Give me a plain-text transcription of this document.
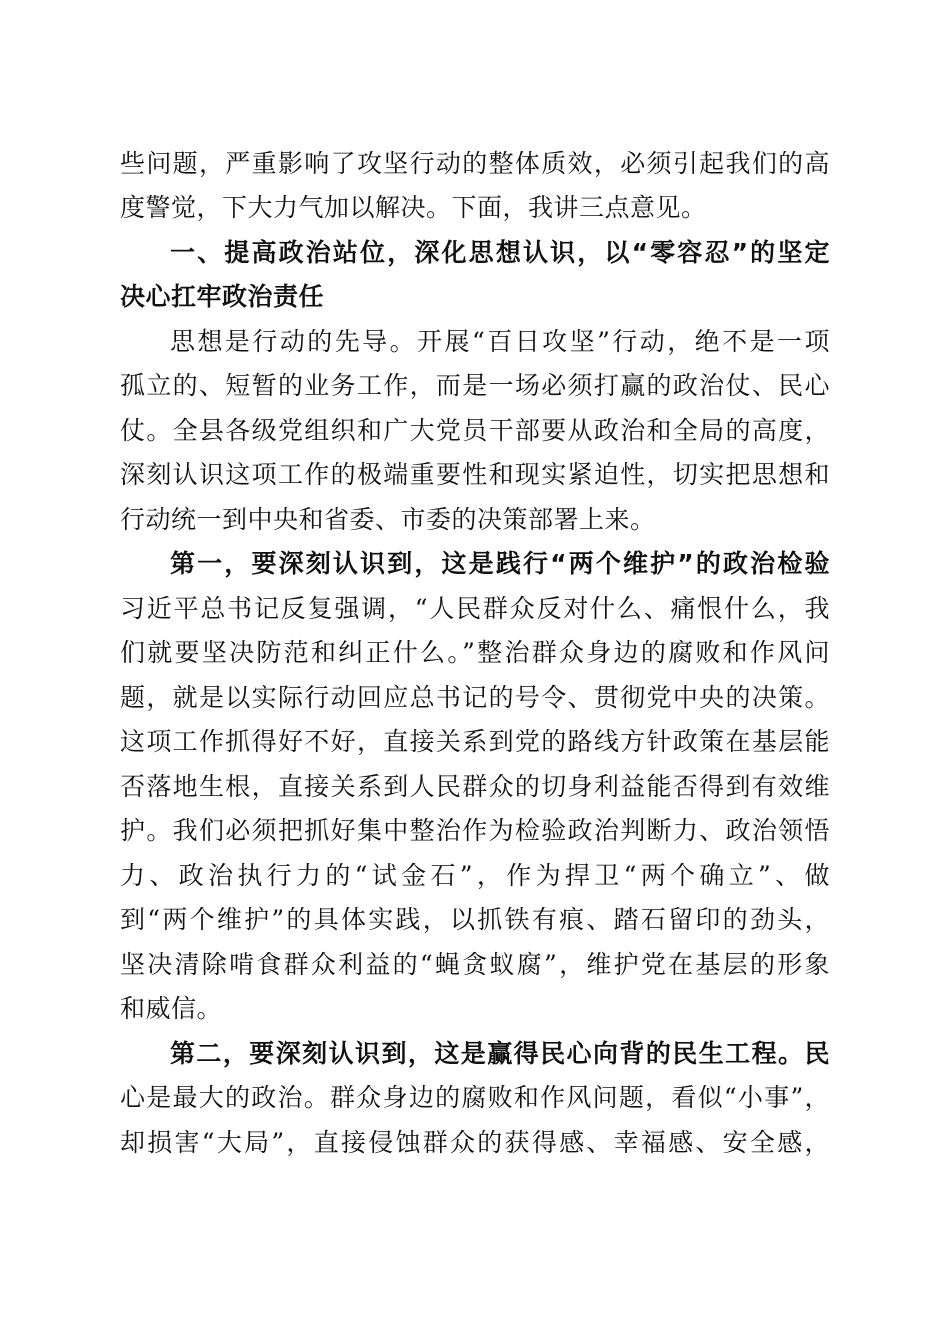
些问题，严重影响了攻坚行动的整体质效，必须引起我们的高
度警觉，下大力气加以解决。下面，我讲三点意见。
一、提高政治站位，深化思想认识，以“零容忍”的坚定
决心扛牢政治责任
思想是行动的先导。开展“百日攻坚”行动，绝不是一项
孤立的、短暂的业务工作，而是一场必须打赢的政治仗、民心
仗。全县各级党组织和广大党员干部要从政治和全局的高度，
深刻认识这项工作的极端重要性和现实紧迫性，切实把思想和
行动统一到中央和省委、市委的决策部署上来。
第一，要深刻认识到，这是践行“两个维护”的政治检验
习近平总书记反复强调，“人民群众反对什么、痛恨什么，我
们就要坚决防范和纠正什么。”整治群众身边的腐败和作风问
题，就是以实际行动回应总书记的号令、贯彻党中央的决策。
这项工作抓得好不好，直接关系到党的路线方针政策在基层能
否落地生根，直接关系到人民群众的切身利益能否得到有效维
护。我们必须把抓好集中整治作为检验政治判断力、政治领悟
力、政治执行力的“试金石”，作为捍卫“两个确立”、做
到“两个维护”的具体实践，以抓铁有痕、踏石留印的劲头，
坚决清除啃食群众利益的“蝇贪蚁腐”，维护党在基层的形象
和威信。
第二，要深刻认识到，这是赢得民心向背的民生工程。民
心是最大的政治。群众身边的腐败和作风问题，看似“小事”，
却损害“大局”，直接侵蚀群众的获得感、幸福感、安全感，
